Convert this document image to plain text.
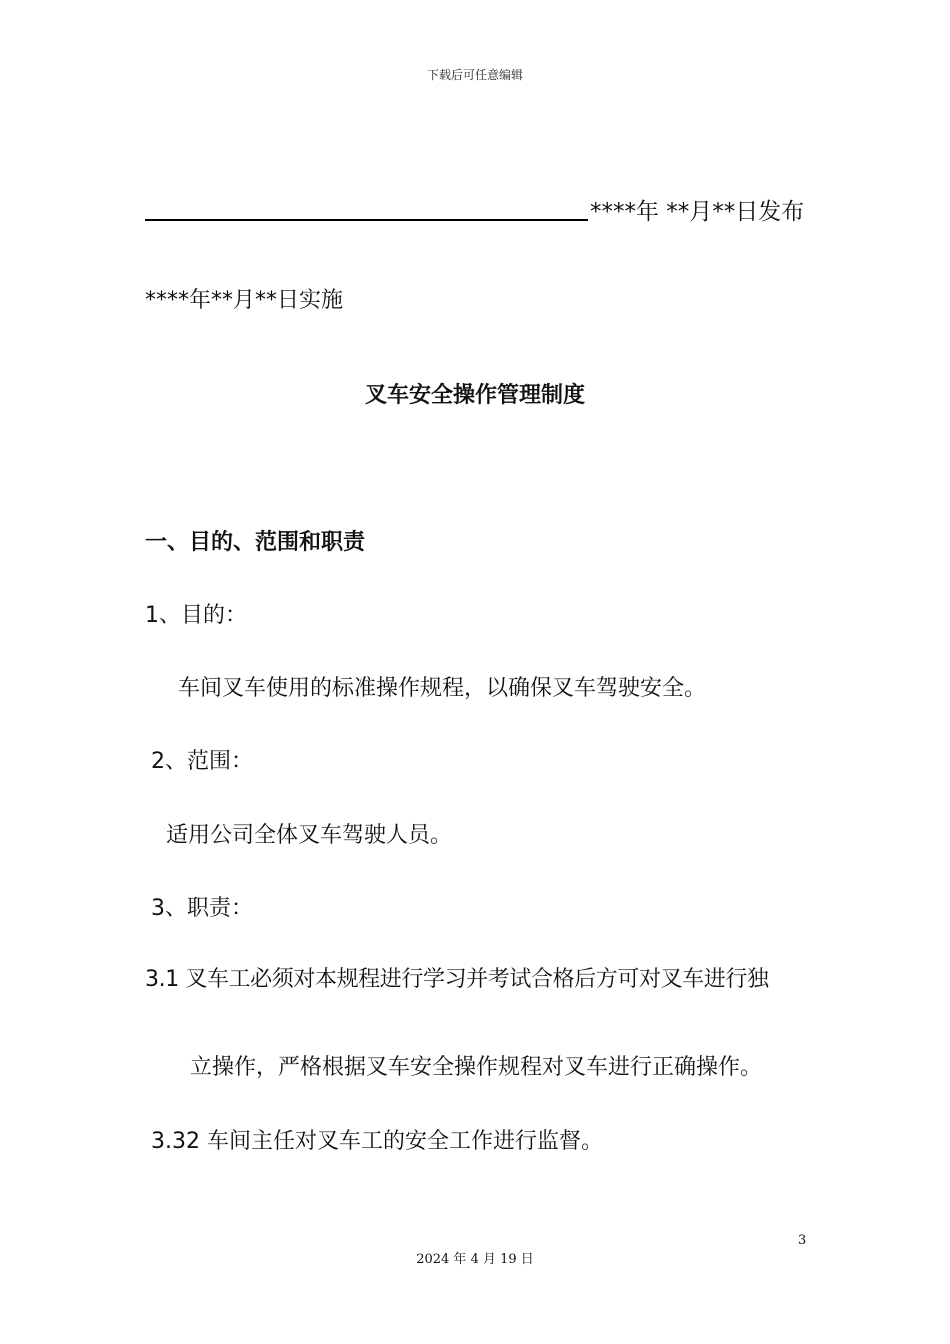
下载后可任意编辑
****年 **月**日发布
****年**月**日实施
叉车安全操作管理制度
一、目的、范围和职责
1、目的：
车间叉车使用的标准操作规程，以确保叉车驾驶安全。
2、范围：
适用公司全体叉车驾驶人员。
3、职责：
3.1 叉车工必须对本规程进行学习并考试合格后方可对叉车进行独
立操作，严格根据叉车安全操作规程对叉车进行正确操作。
3.32 车间主任对叉车工的安全工作进行监督。
3
2024 年 4 月 19 日
